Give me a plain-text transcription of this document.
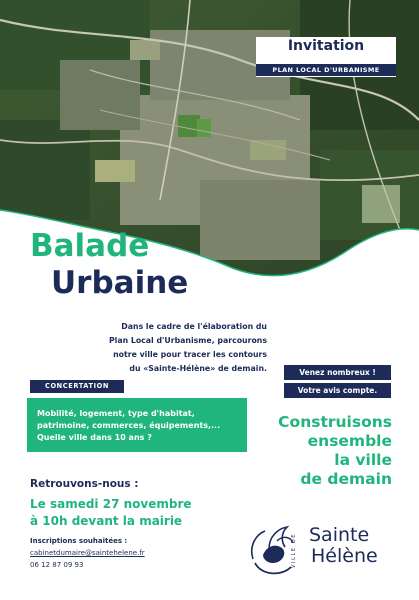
Invitation
PLAN LOCAL D'URBANISME
Balade
Urbaine
Dans le cadre de l'élaboration du
Plan Local d'Urbanisme, parcourons
notre ville pour tracer les contours
du «Sainte-Hélène» de demain.
CONCERTATION
Mobilité, logement, type d'habitat,
patrimoine, commerces, équipements,...
Quelle ville dans 10 ans ?
Venez nombreux !
Votre avis compte.
Construisons
ensemble
la ville
de demain
Retrouvons-nous :
Le samedi 27 novembre
à 10h devant la mairie
Inscriptions souhaitées :
cabinetdumaire@saintehelene.fr
06 12 87 09 93	VILLE DE Sainte
Hélène
